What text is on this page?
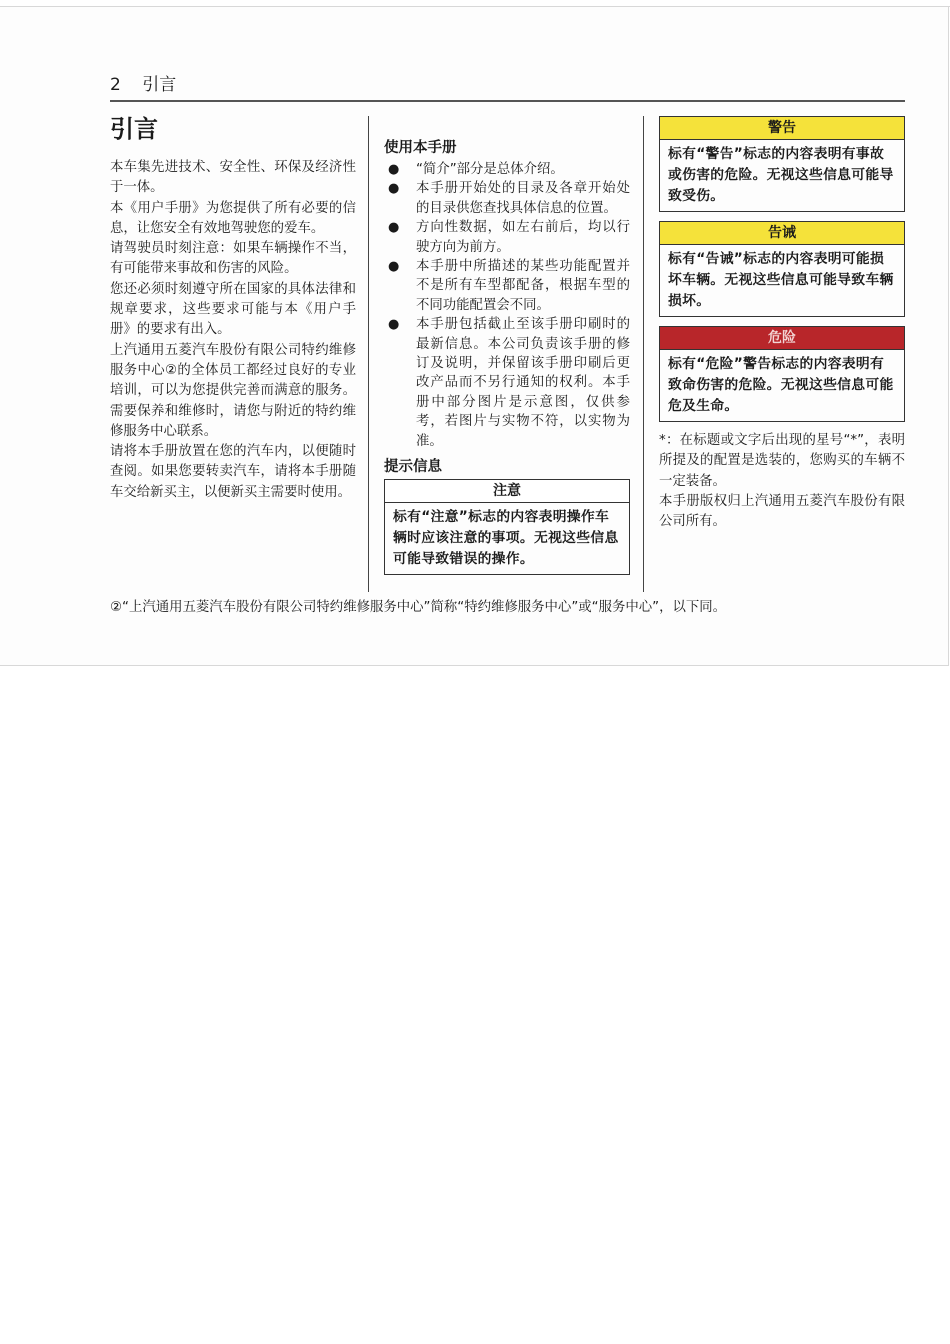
2 引言
引言

本车集先进技术、安全性、环保及经济性于一体。

本《用户手册》为您提供了所有必要的信息，让您安全有效地驾驶您的爱车。

请驾驶员时刻注意：如果车辆操作不当，有可能带来事故和伤害的风险。

您还必须时刻遵守所在国家的具体法律和规章要求，这些要求可能与本《用户手册》的要求有出入。

上汽通用五菱汽车股份有限公司特约维修服务中心②的全体员工都经过良好的专业培训，可以为您提供完善而满意的服务。需要保养和维修时，请您与附近的特约维修服务中心联系。

请将本手册放置在您的汽车内，以便随时查阅。如果您要转卖汽车，请将本手册随车交给新买主，以便新买主需要时使用。

使用本手册
● “简介”部分是总体介绍。
● 本手册开始处的目录及各章开始处的目录供您查找具体信息的位置。
● 方向性数据，如左右前后，均以行驶方向为前方。
● 本手册中所描述的某些功能配置并不是所有车型都配备，根据车型的不同功能配置会不同。
● 本手册包括截止至该手册印刷时的最新信息。本公司负责该手册的修订及说明，并保留该手册印刷后更改产品而不另行通知的权利。本手册中部分图片是示意图，仅供参考，若图片与实物不符，以实物为准。
提示信息
注意
标有“注意”标志的内容表明操作车辆时应该注意的事项。无视这些信息可能导致错误的操作。
警告
标有“警告”标志的内容表明有事故或伤害的危险。无视这些信息可能导致受伤。
告诫
标有“告诫”标志的内容表明可能损坏车辆。无视这些信息可能导致车辆损坏。
危险
标有“危险”警告标志的内容表明有致命伤害的危险。无视这些信息可能危及生命。

*：在标题或文字后出现的星号“*”，表明所提及的配置是选装的，您购买的车辆不一定装备。

本手册版权归上汽通用五菱汽车股份有限公司所有。

②“上汽通用五菱汽车股份有限公司特约维修服务中心”简称“特约维修服务中心”或“服务中心”，以下同。
